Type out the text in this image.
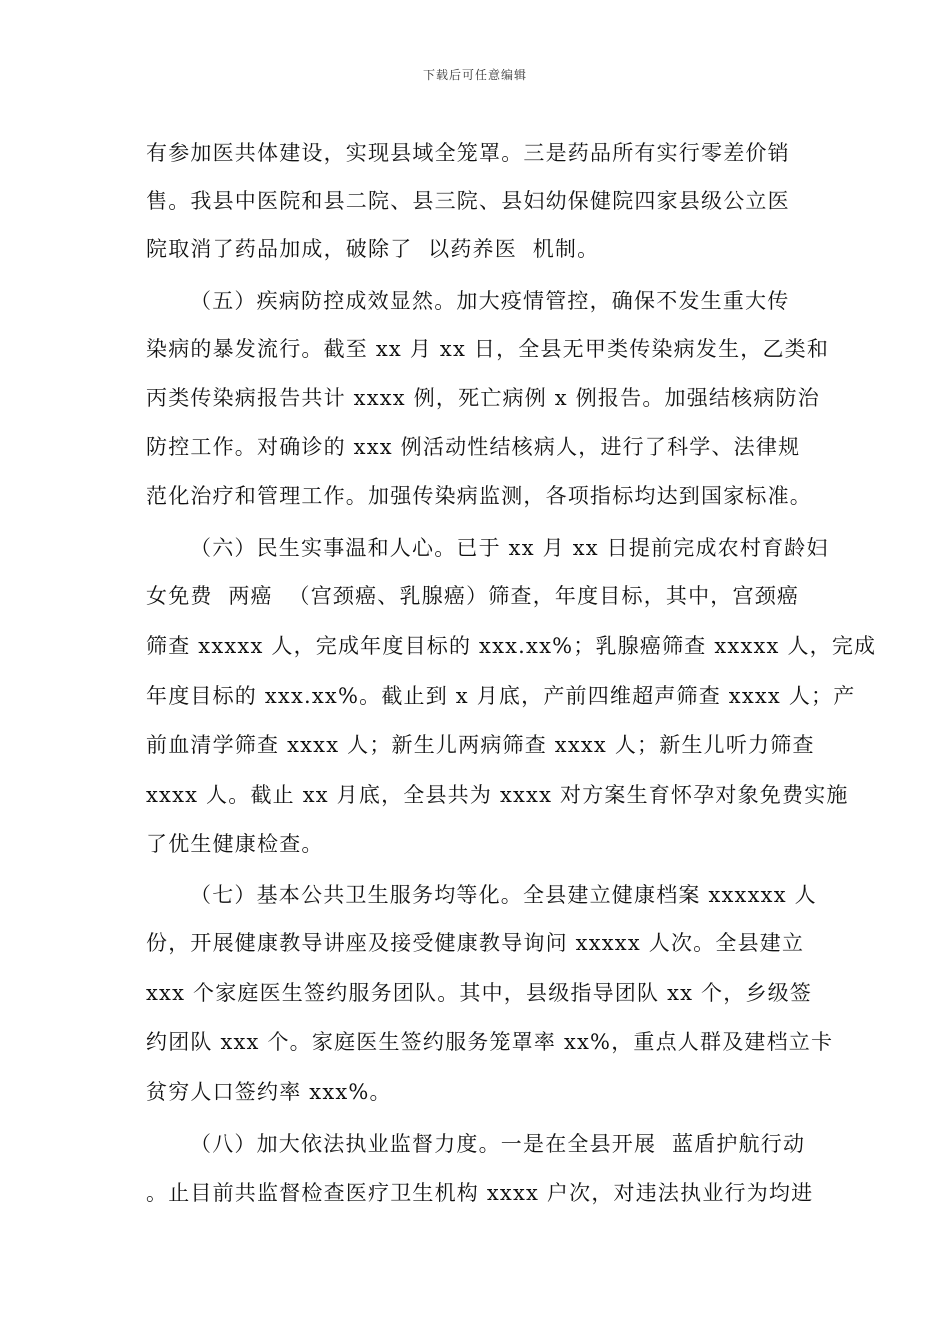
下载后可任意编辑
有参加医共体建设，实现县域全笼罩。三是药品所有实行零差价销
售。我县中医院和县二院、县三院、县妇幼保健院四家县级公立医
院取消了药品加成，破除了  以药养医  机制。
（五）疾病防控成效显然。加大疫情管控，确保不发生重大传
染病的暴发流行。截至 xx 月 xx 日，全县无甲类传染病发生，乙类和
丙类传染病报告共计 xxxx 例，死亡病例 x 例报告。加强结核病防治
防控工作。对确诊的 xxx 例活动性结核病人，进行了科学、法律规
范化治疗和管理工作。加强传染病监测，各项指标均达到国家标准。
（六）民生实事温和人心。已于 xx 月 xx 日提前完成农村育龄妇
女免费  两癌  （宫颈癌、乳腺癌）筛查，年度目标，其中，宫颈癌
筛查 xxxxx 人，完成年度目标的 xxx.xx%；乳腺癌筛查 xxxxx 人，完成
年度目标的 xxx.xx%。截止到 x 月底，产前四维超声筛查 xxxx 人；产
前血清学筛查 xxxx 人；新生儿两病筛查 xxxx 人；新生儿听力筛查
xxxx 人。截止 xx 月底，全县共为 xxxx 对方案生育怀孕对象免费实施
了优生健康检查。
（七）基本公共卫生服务均等化。全县建立健康档案 xxxxxx 人
份，开展健康教导讲座及接受健康教导询问 xxxxx 人次。全县建立
xxx 个家庭医生签约服务团队。其中，县级指导团队 xx 个，乡级签
约团队 xxx 个。家庭医生签约服务笼罩率 xx%，重点人群及建档立卡
贫穷人口签约率 xxx%。
（八）加大依法执业监督力度。一是在全县开展  蓝盾护航行动
。止目前共监督检查医疗卫生机构 xxxx 户次，对违法执业行为均进
